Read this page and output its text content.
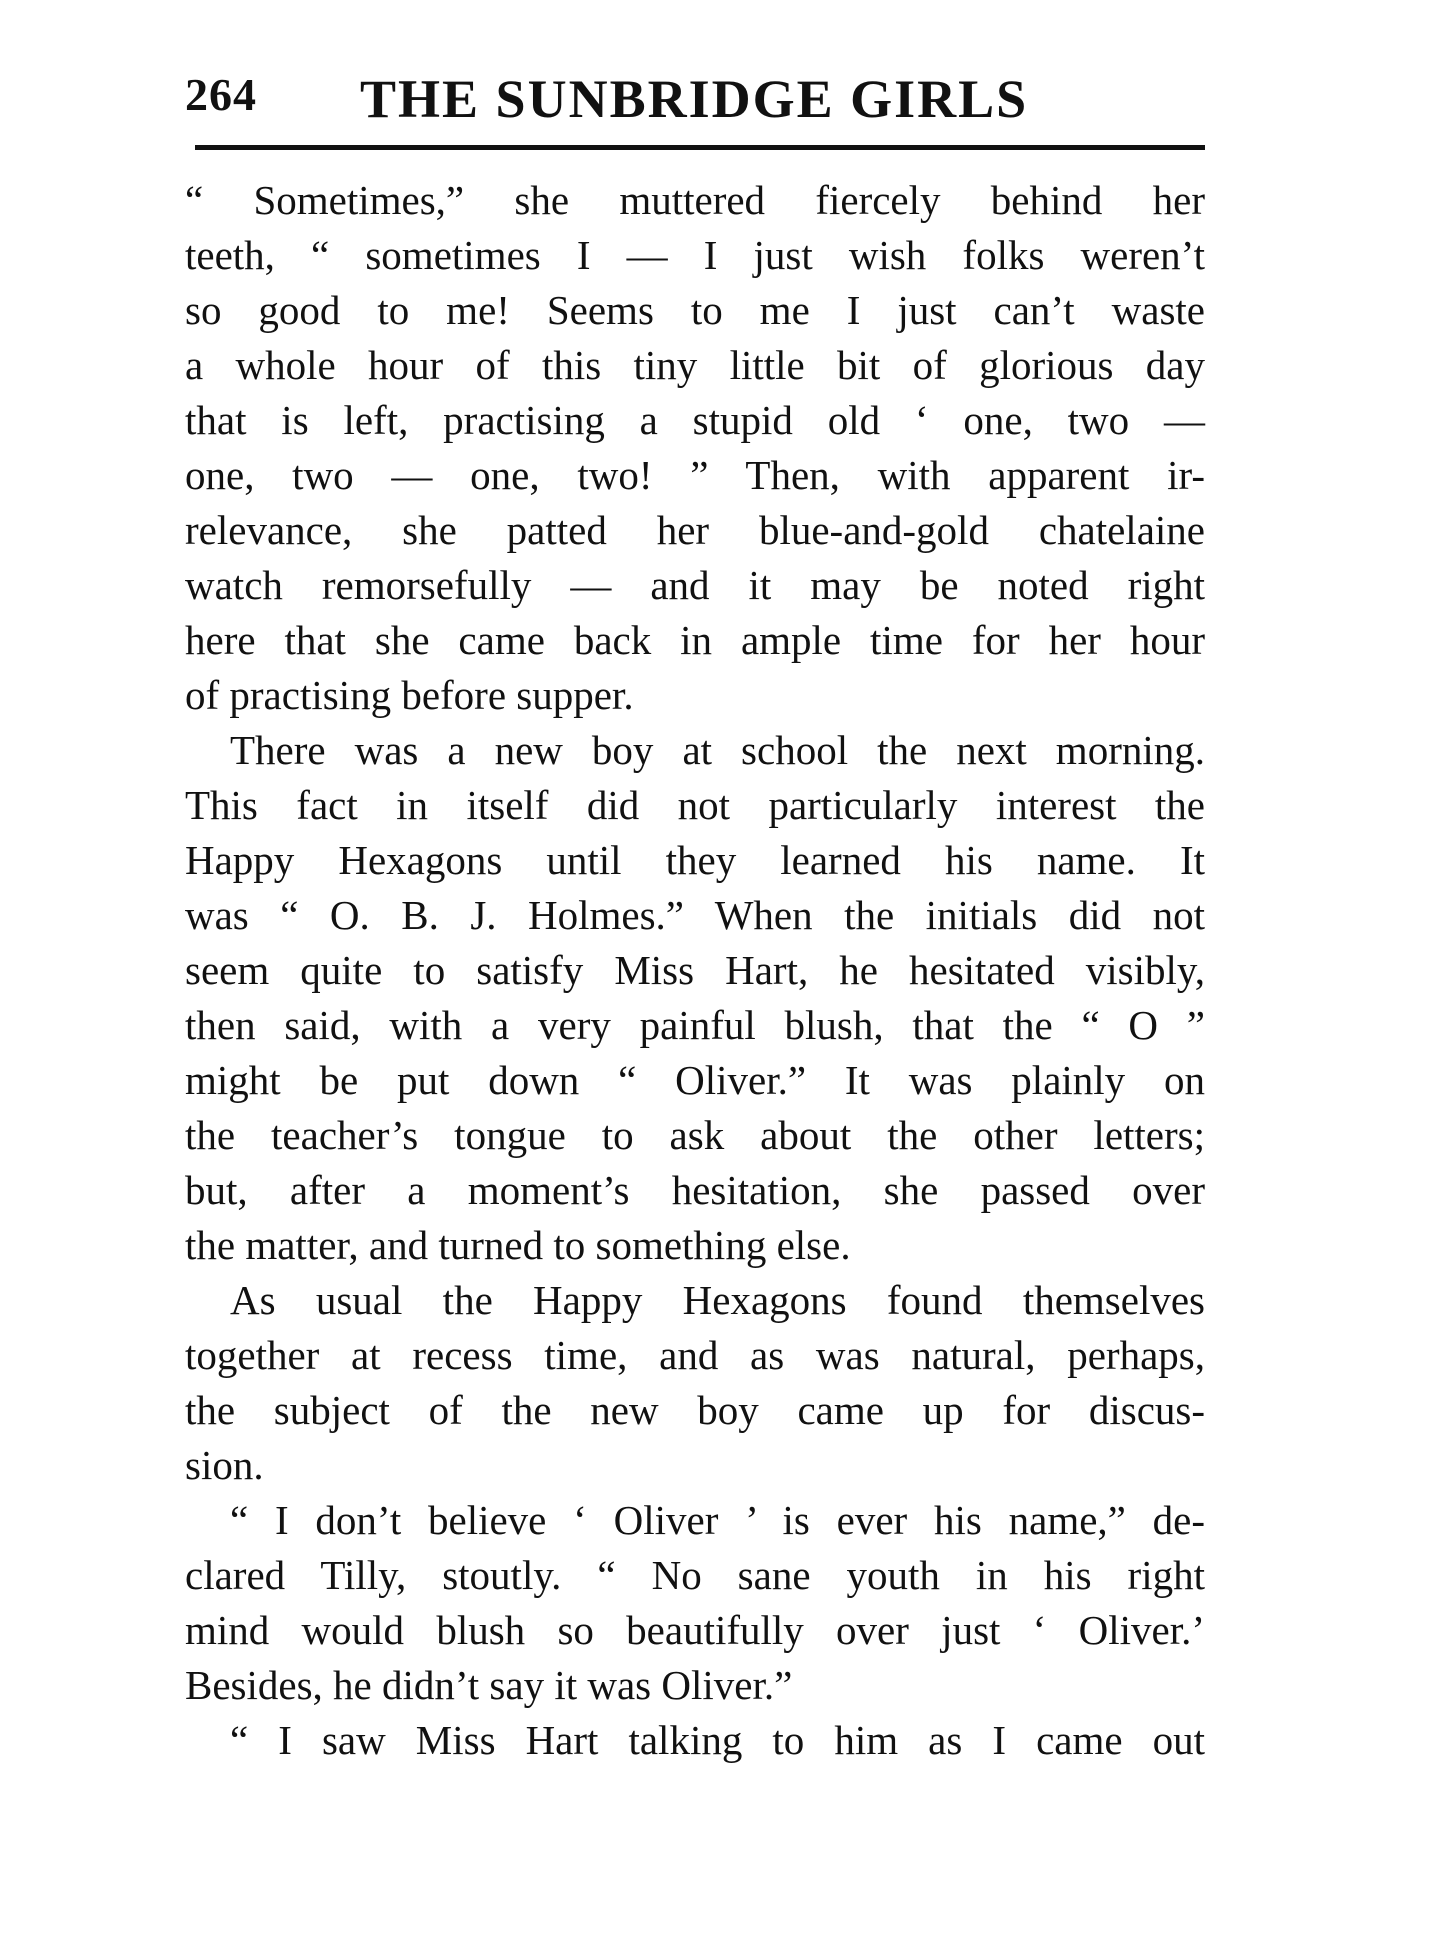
264 THE SUNBRIDGE GIRLS
“ Sometimes,” she muttered fiercely behind her
teeth, “ sometimes I — I just wish folks weren’t
so good to me! Seems to me I just can’t waste
a whole hour of this tiny little bit of glorious day
that is left, practising a stupid old ‘ one, two —
one, two — one, two! ” Then, with apparent ir-
relevance, she patted her blue-and-gold chatelaine
watch remorsefully — and it may be noted right
here that she came back in ample time for her hour
of practising before supper.
There was a new boy at school the next morning.
This fact in itself did not particularly interest the
Happy Hexagons until they learned his name. It
was “ O. B. J. Holmes.” When the initials did not
seem quite to satisfy Miss Hart, he hesitated visibly,
then said, with a very painful blush, that the “ O ”
might be put down “ Oliver.” It was plainly on
the teacher’s tongue to ask about the other letters;
but, after a moment’s hesitation, she passed over
the matter, and turned to something else.
As usual the Happy Hexagons found themselves
together at recess time, and as was natural, perhaps,
the subject of the new boy came up for discus-
sion.
“ I don’t believe ‘ Oliver ’ is ever his name,” de-
clared Tilly, stoutly. “ No sane youth in his right
mind would blush so beautifully over just ‘ Oliver.’
Besides, he didn’t say it was Oliver.”
“ I saw Miss Hart talking to him as I came out
